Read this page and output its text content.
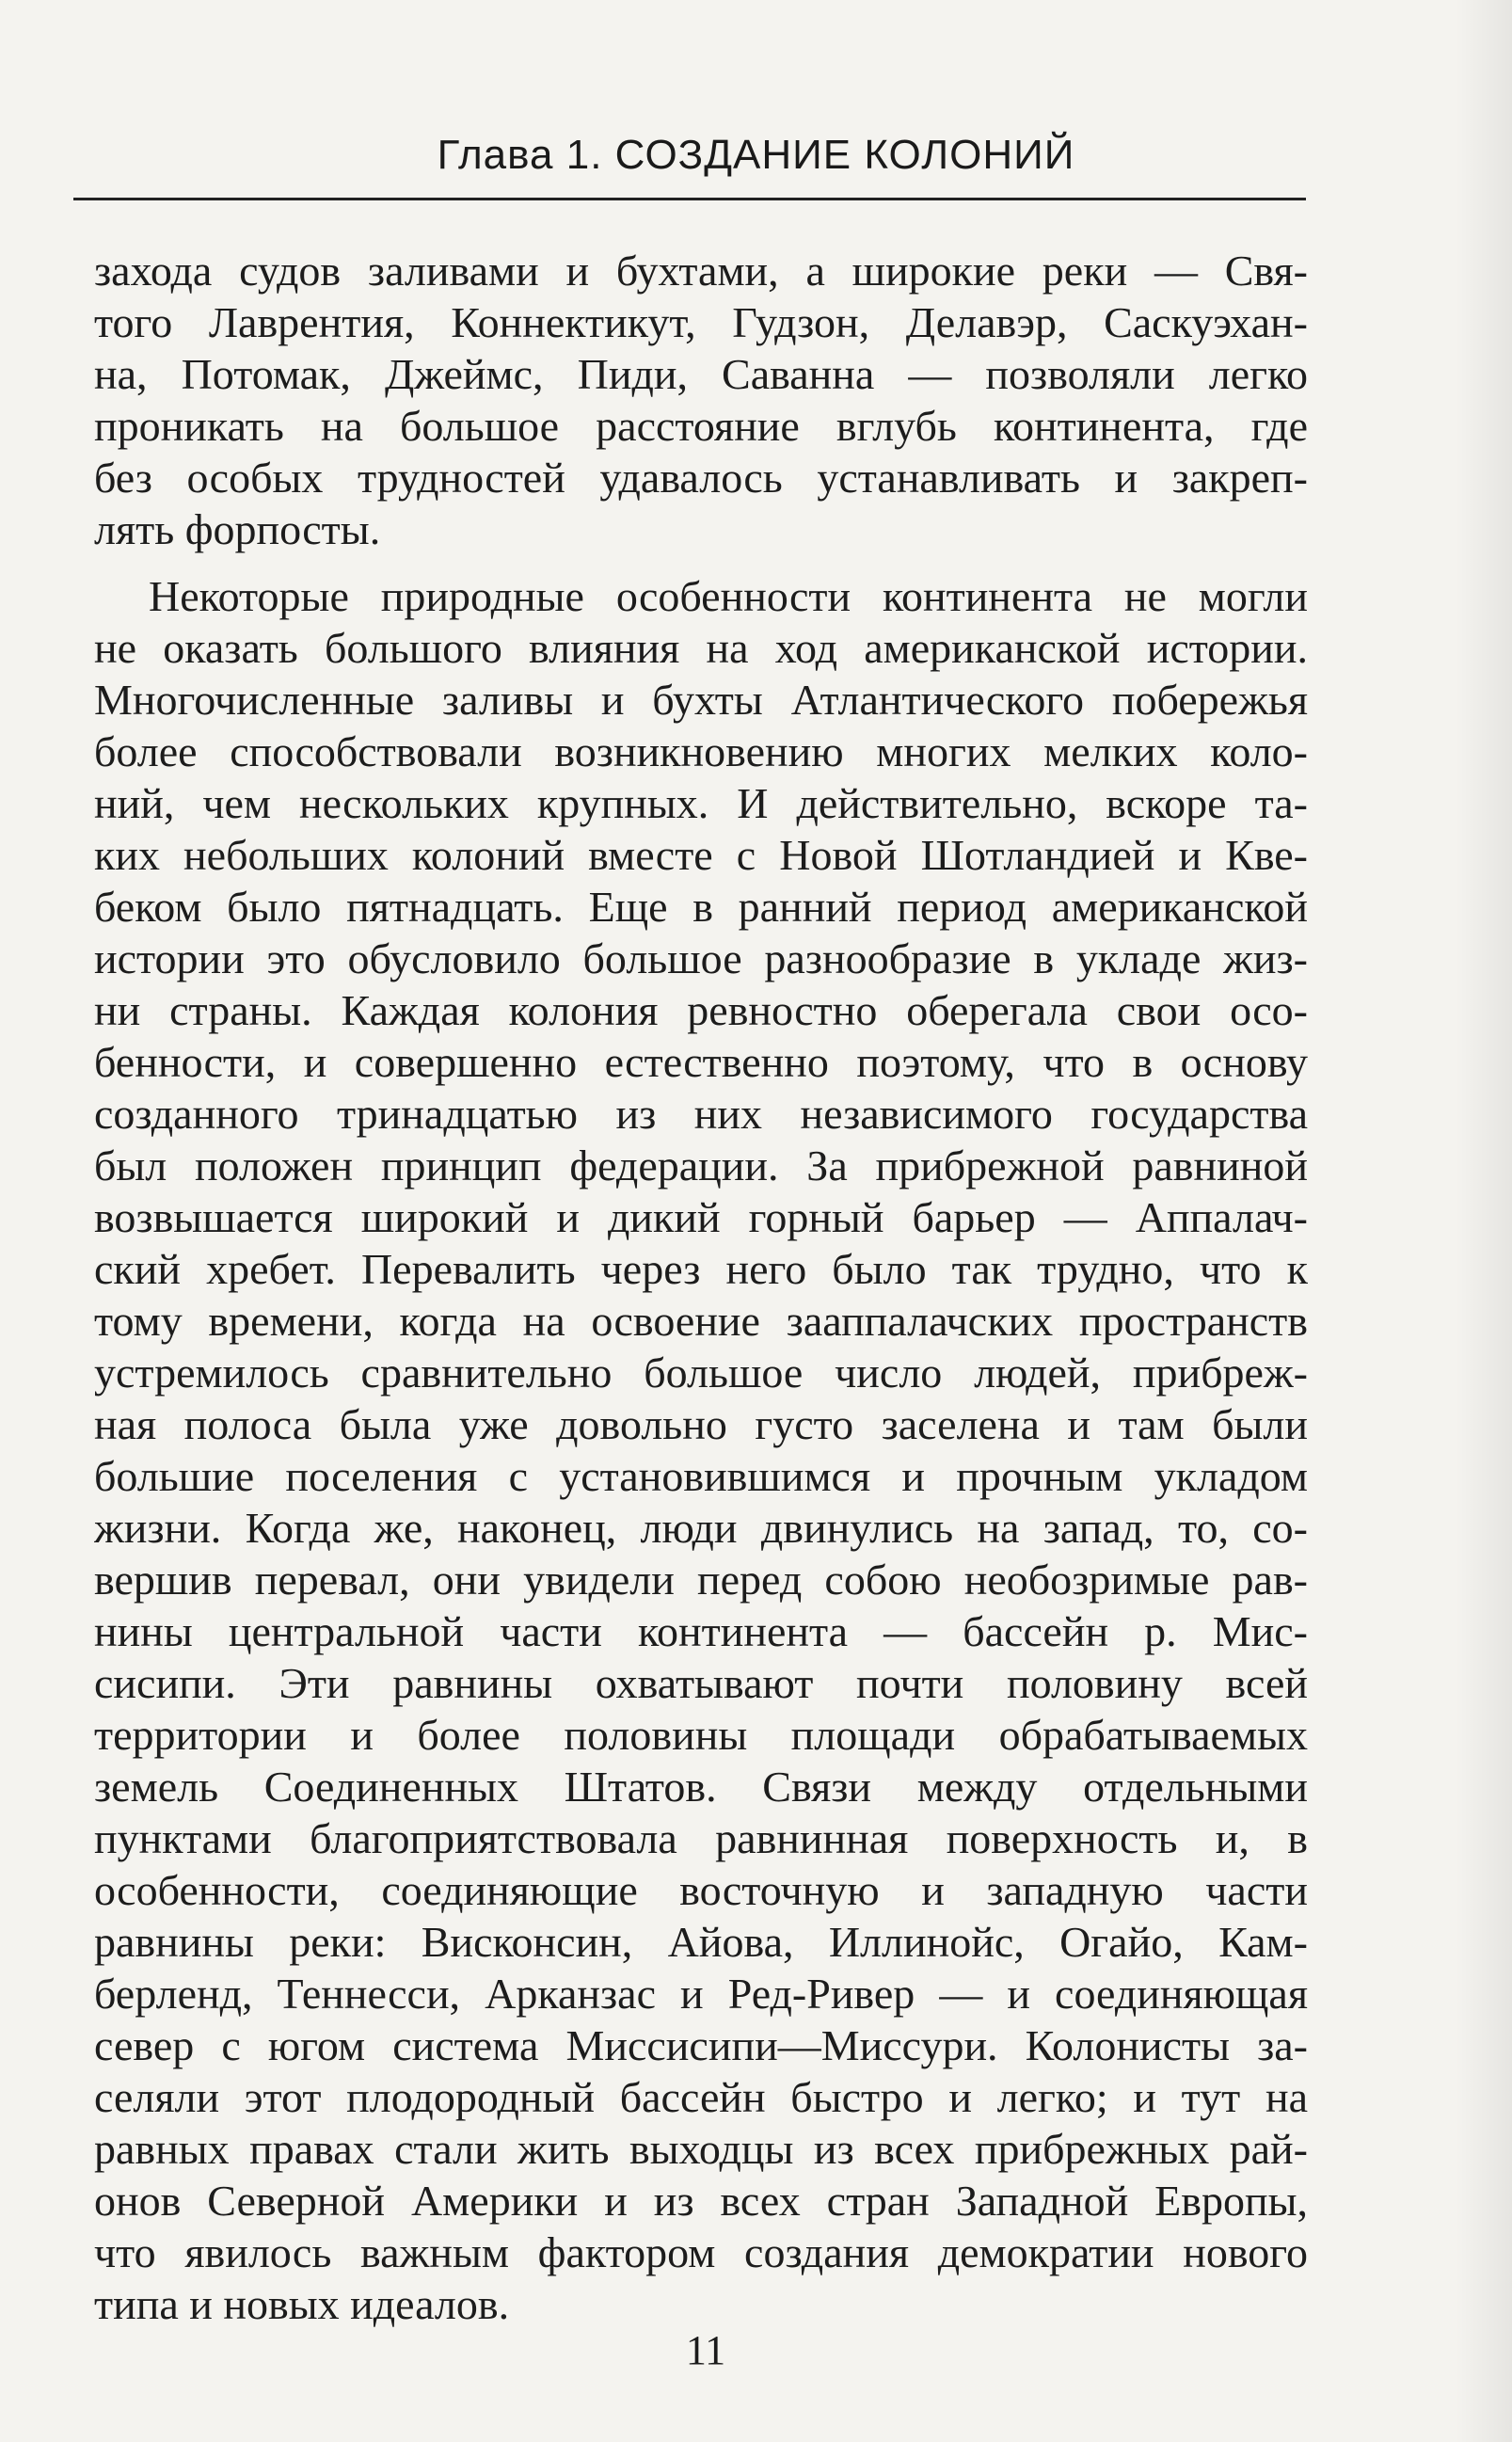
Глава 1. СОЗДАНИЕ КОЛОНИЙ
захода судов заливами и бухтами, а широкие реки — Свя-
того Лаврентия, Коннектикут, Гудзон, Делавэр, Саскуэхан-
на, Потомак, Джеймс, Пиди, Саванна — позволяли легко
проникать на большое расстояние вглубь континента, где
без особых трудностей удавалось устанавливать и закреп-
лять форпосты.
Некоторые природные особенности континента не могли
не оказать большого влияния на ход американской истории.
Многочисленные заливы и бухты Атлантического побережья
более способствовали возникновению многих мелких коло-
ний, чем нескольких крупных. И действительно, вскоре та-
ких небольших колоний вместе с Новой Шотландией и Кве-
беком было пятнадцать. Еще в ранний период американской
истории это обусловило большое разнообразие в укладе жиз-
ни страны. Каждая колония ревностно оберегала свои осо-
бенности, и совершенно естественно поэтому, что в основу
созданного тринадцатью из них независимого государства
был положен принцип федерации. За прибрежной равниной
возвышается широкий и дикий горный барьер — Аппалач-
ский хребет. Перевалить через него было так трудно, что к
тому времени, когда на освоение зааппалачских пространств
устремилось сравнительно большое число людей, прибреж-
ная полоса была уже довольно густо заселена и там были
большие поселения с установившимся и прочным укладом
жизни. Когда же, наконец, люди двинулись на запад, то, со-
вершив перевал, они увидели перед собою необозримые рав-
нины центральной части континента — бассейн р. Мис-
сисипи. Эти равнины охватывают почти половину всей
территории и более половины площади обрабатываемых
земель Соединенных Штатов. Связи между отдельными
пунктами благоприятствовала равнинная поверхность и, в
особенности, соединяющие восточную и западную части
равнины реки: Висконсин, Айова, Иллинойс, Огайо, Кам-
берленд, Теннесси, Арканзас и Ред-Ривер — и соединяющая
север с югом система Миссисипи—Миссури. Колонисты за-
селяли этот плодородный бассейн быстро и легко; и тут на
равных правах стали жить выходцы из всех прибрежных рай-
онов Северной Америки и из всех стран Западной Европы,
что явилось важным фактором создания демократии нового
типа и новых идеалов.
11
